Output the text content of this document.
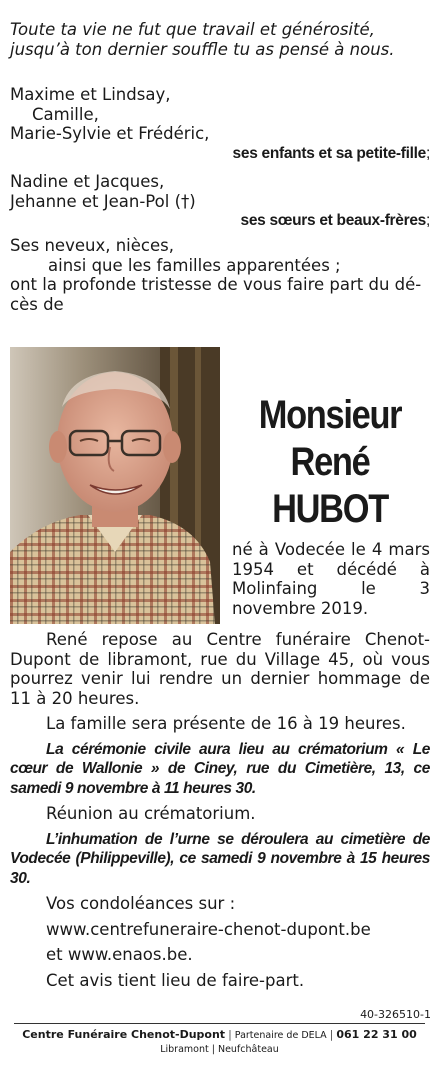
Toute ta vie ne fut que travail et générosité,

jusqu’à ton dernier souffle tu as pensé à nous.

Maxime et Lindsay,

Camille,

Marie-Sylvie et Frédéric,

ses enfants et sa petite-fille;

Nadine et Jacques,

Jehanne et Jean-Pol (†)

ses sœurs et beaux-frères;

Ses neveux, nièces,

ainsi que les familles apparentées ;

ont la profonde tristesse de vous faire part du dé-

cès de

Monsieur
René
HUBOT

né à Vodecée le 4 mars 1954 et décédé à Molinfaing le 3 novembre 2019.

René repose au Centre funéraire Chenot-Dupont de libramont, rue du Village 45, où vous pourrez venir lui rendre un dernier hommage de 11 à 20 heures.

La famille sera présente de 16 à 19 heures.

La cérémonie civile aura lieu au crématorium « Le cœur de Wallonie » de Ciney, rue du Cimetière, 13, ce samedi 9 novembre à 11 heures 30.

Réunion au crématorium.

L’inhumation de l’urne se déroulera au cimetière de Vodecée (Philippeville), ce samedi 9 novembre à 15 heures 30.

Vos condoléances sur :

www.centrefuneraire-chenot-dupont.be

et www.enaos.be.

Cet avis tient lieu de faire-part.

40-326510-1
Centre Funéraire Chenot-Dupont | Partenaire de DELA | 061 22 31 00
Libramont | Neufchâteau
